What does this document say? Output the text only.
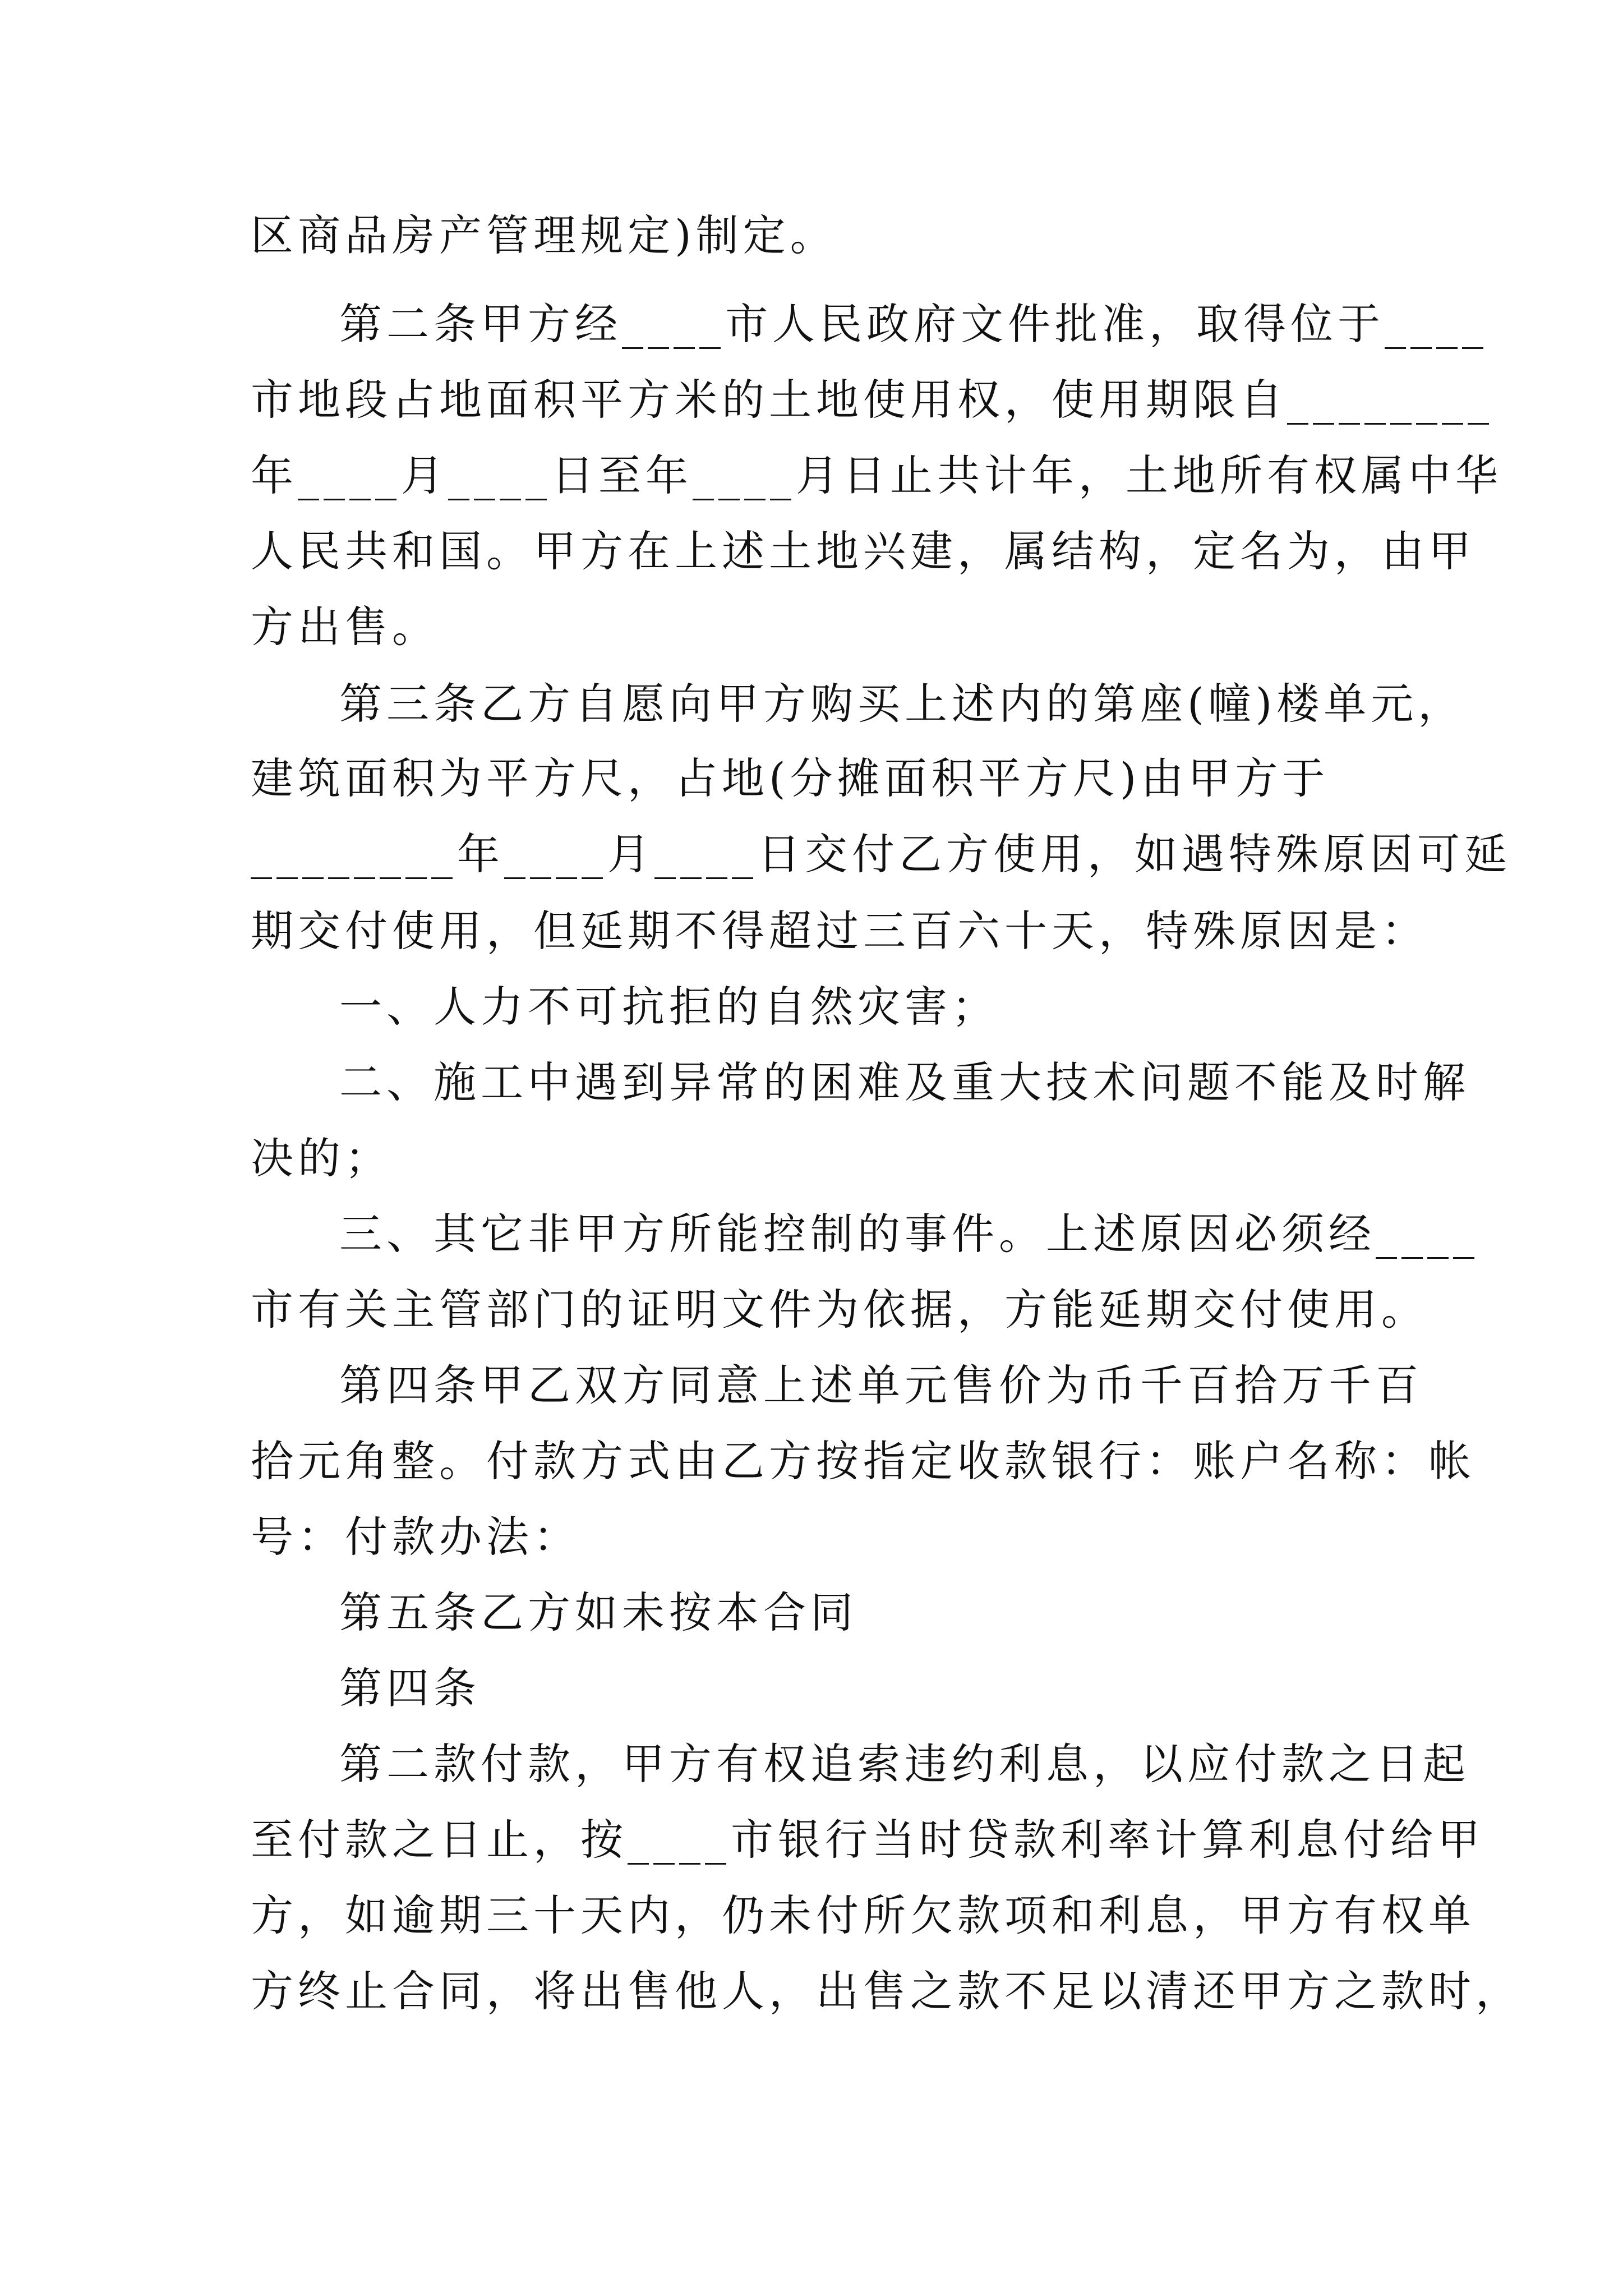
区商品房产管理规定)制定。
第二条甲方经____市人民政府文件批准，取得位于____
市地段占地面积平方米的土地使用权，使用期限自________
年____月____日至年____月日止共计年，土地所有权属中华
人民共和国。甲方在上述土地兴建，属结构，定名为，由甲
方出售。
第三条乙方自愿向甲方购买上述内的第座(幢)楼单元，
建筑面积为平方尺，占地(分摊面积平方尺)由甲方于
________年____月____日交付乙方使用，如遇特殊原因可延
期交付使用，但延期不得超过三百六十天，特殊原因是：
一、人力不可抗拒的自然灾害；
二、施工中遇到异常的困难及重大技术问题不能及时解
决的；
三、其它非甲方所能控制的事件。上述原因必须经____
市有关主管部门的证明文件为依据，方能延期交付使用。
第四条甲乙双方同意上述单元售价为币千百拾万千百
拾元角整。付款方式由乙方按指定收款银行：账户名称：帐
号：付款办法：
第五条乙方如未按本合同
第四条
第二款付款，甲方有权追索违约利息，以应付款之日起
至付款之日止，按____市银行当时贷款利率计算利息付给甲
方，如逾期三十天内，仍未付所欠款项和利息，甲方有权单
方终止合同，将出售他人，出售之款不足以清还甲方之款时，
